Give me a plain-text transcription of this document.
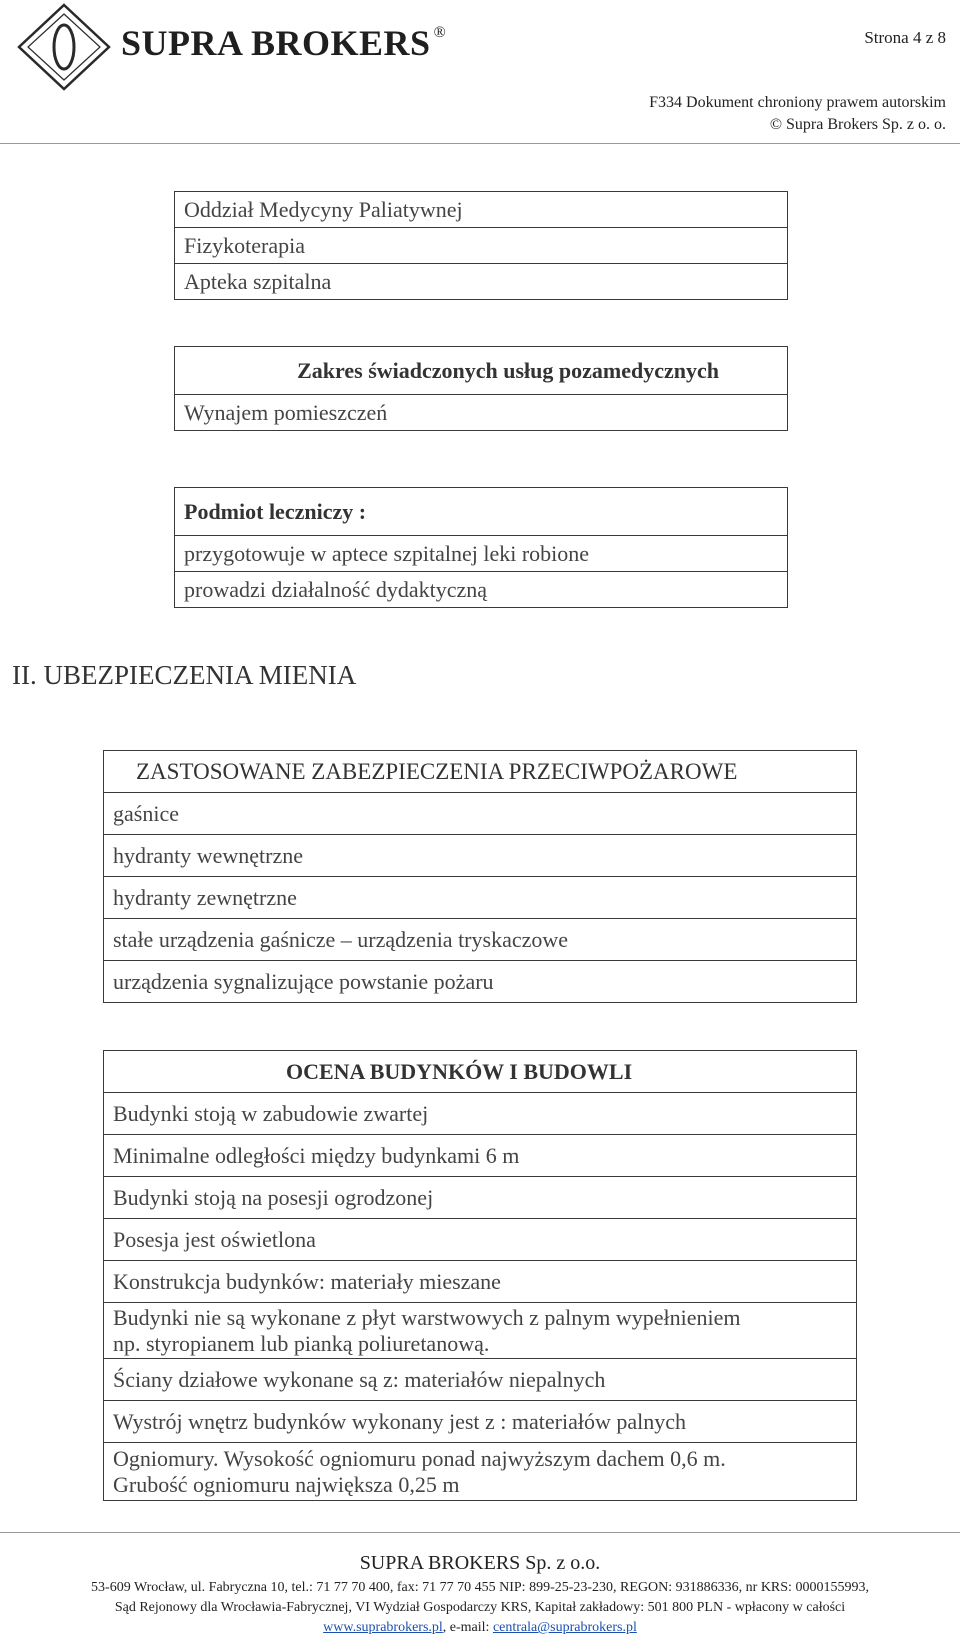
SUPRA BROKERS ®	Strona 4 z 8
F334 Dokument chroniony prawem autorskim
© Supra Brokers Sp. z o. o.
Oddział Medycyny Paliatywnej
Fizykoterapia
Apteka szpitalna
Zakres świadczonych usług pozamedycznych
Wynajem pomieszczeń
Podmiot leczniczy :
przygotowuje w aptece szpitalnej leki robione
prowadzi działalność dydaktyczną
II. UBEZPIECZENIA MIENIA
ZASTOSOWANE ZABEZPIECZENIA PRZECIWPOŻAROWE
gaśnice
hydranty wewnętrzne
hydranty zewnętrzne
stałe urządzenia gaśnicze – urządzenia tryskaczowe
urządzenia sygnalizujące powstanie pożaru
OCENA BUDYNKÓW I BUDOWLI
Budynki stoją w zabudowie zwartej
Minimalne odległości między budynkami 6 m
Budynki stoją na posesji ogrodzonej
Posesja jest oświetlona
Konstrukcja budynków: materiały mieszane

Budynki nie są wykonane z płyt warstwowych z palnym wypełnieniem
np. styropianem lub pianką poliuretanową.

Ściany działowe wykonane są z: materiałów niepalnych
Wystrój wnętrz budynków wykonany jest z : materiałów palnych

Ogniomury. Wysokość ogniomuru ponad najwyższym dachem 0,6 m.
Grubość ogniomuru największa 0,25 m
SUPRA BROKERS Sp. z o.o.
53-609 Wrocław, ul. Fabryczna 10, tel.: 71 77 70 400, fax: 71 77 70 455 NIP: 899-25-23-230, REGON: 931886336, nr KRS: 0000155993,
Sąd Rejonowy dla Wrocławia-Fabrycznej, VI Wydział Gospodarczy KRS, Kapitał zakładowy: 501 800 PLN - wpłacony w całości
www.suprabrokers.pl, e-mail: centrala@suprabrokers.pl
